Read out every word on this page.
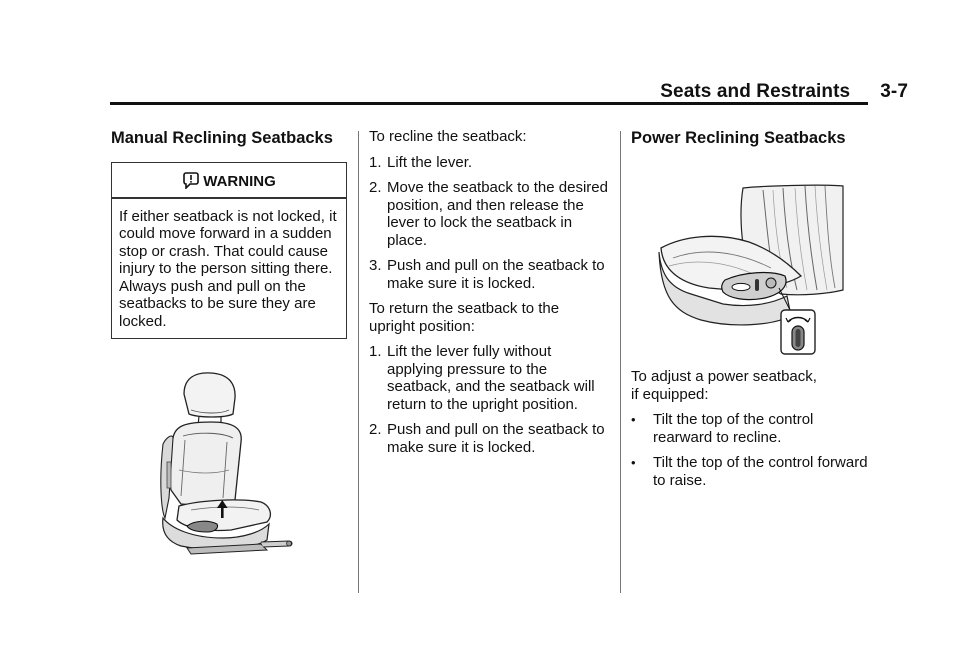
Seats and Restraints 3-7
Manual Reclining Seatbacks
WARNING

If either seatback is not locked, it could move forward in a sudden stop or crash. That could cause injury to the person sitting there. Always push and pull on the seatbacks to be sure they are locked.

To recline the seatback:

1. Lift the lever.
2. Move the seatback to the desired position, and then release the lever to lock the seatback in place.
3. Push and pull on the seatback to make sure it is locked.

To return the seatback to the upright position:

1. Lift the lever fully without applying pressure to the seatback, and the seatback will return to the upright position.
2. Push and pull on the seatback to make sure it is locked.
Power Reclining Seatbacks

To adjust a power seatback, if equipped:

• Tilt the top of the control rearward to recline.
• Tilt the top of the control forward to raise.
